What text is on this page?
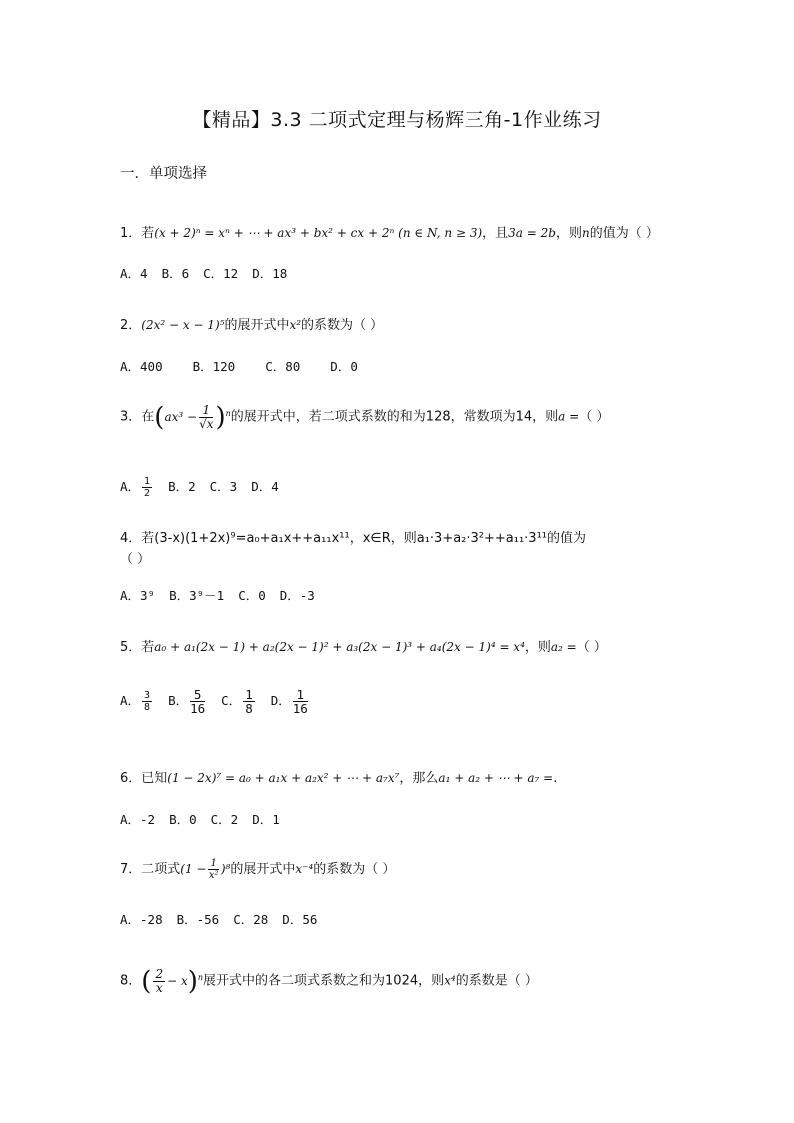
【精品】3.3 二项式定理与杨辉三角-1作业练习
一．单项选择
1．若(x + 2)ⁿ = xⁿ + ⋯ + ax³ + bx² + cx + 2ⁿ (n ∈ N, n ≥ 3)，且3a = 2b，则n的值为（ ）
A．4 B．6 C．12 D．18
2．(2x² − x − 1)⁵的展开式中x²的系数为（ ）
A．400 B．120 C．80 D．0
3．在$(ax^3 - \frac{1}{√x} )^n$的展开式中，若二项式系数的和为128，常数项为14，则a =（ ）
A． $\frac{1}{2}$ B．2 C．3 D．4
4．若(3-x)(1+2x)⁹=a₀+a₁x++a₁₁x¹¹，x∈R，则a₁·3+a₂·3²++a₁₁·3¹¹的值为
（ ）
A．3⁹ B．3⁹－1 C．0 D．-3
5．若a₀ + a₁(2x − 1) + a₂(2x − 1)² + a₃(2x − 1)³ + a₄(2x − 1)⁴ = x⁴，则a₂ =（ ）
A． $\frac{3}{8}$ B． $\frac{5}{16}$ C． $\frac{1}{8}$ D． $\frac{1}{16}$
6．已知(1 − 2x)⁷ = a₀ + a₁x + a₂x² + ⋯ + a₇x⁷，那么a₁ + a₂ + ⋯ + a₇ =.
A．-2 B．0 C．2 D．1
7．二项式$(1 - \frac{1}{\text{x²}} )^8$的展开式中x⁻⁴的系数为（ ）
A．-28 B．-56 C．28 D．56
8．( $\frac{2}{x} - x)^n$展开式中的各二项式系数之和为1024，则x⁴的系数是（ ）
